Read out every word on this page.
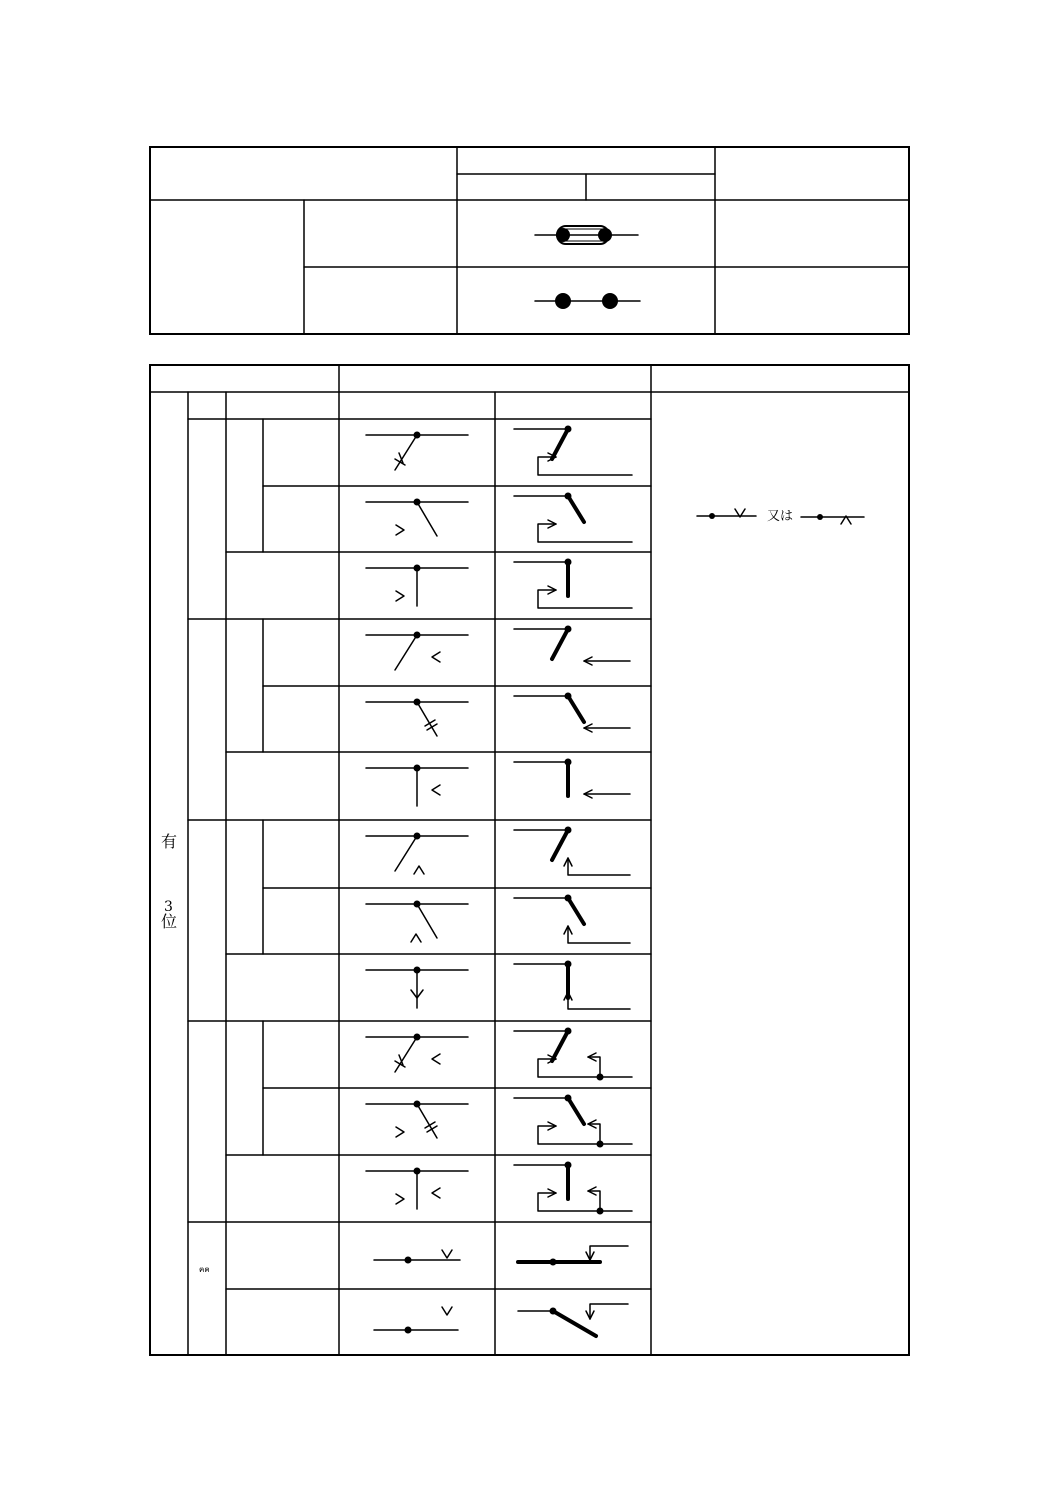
有
3
位
ฅฅ
又は
